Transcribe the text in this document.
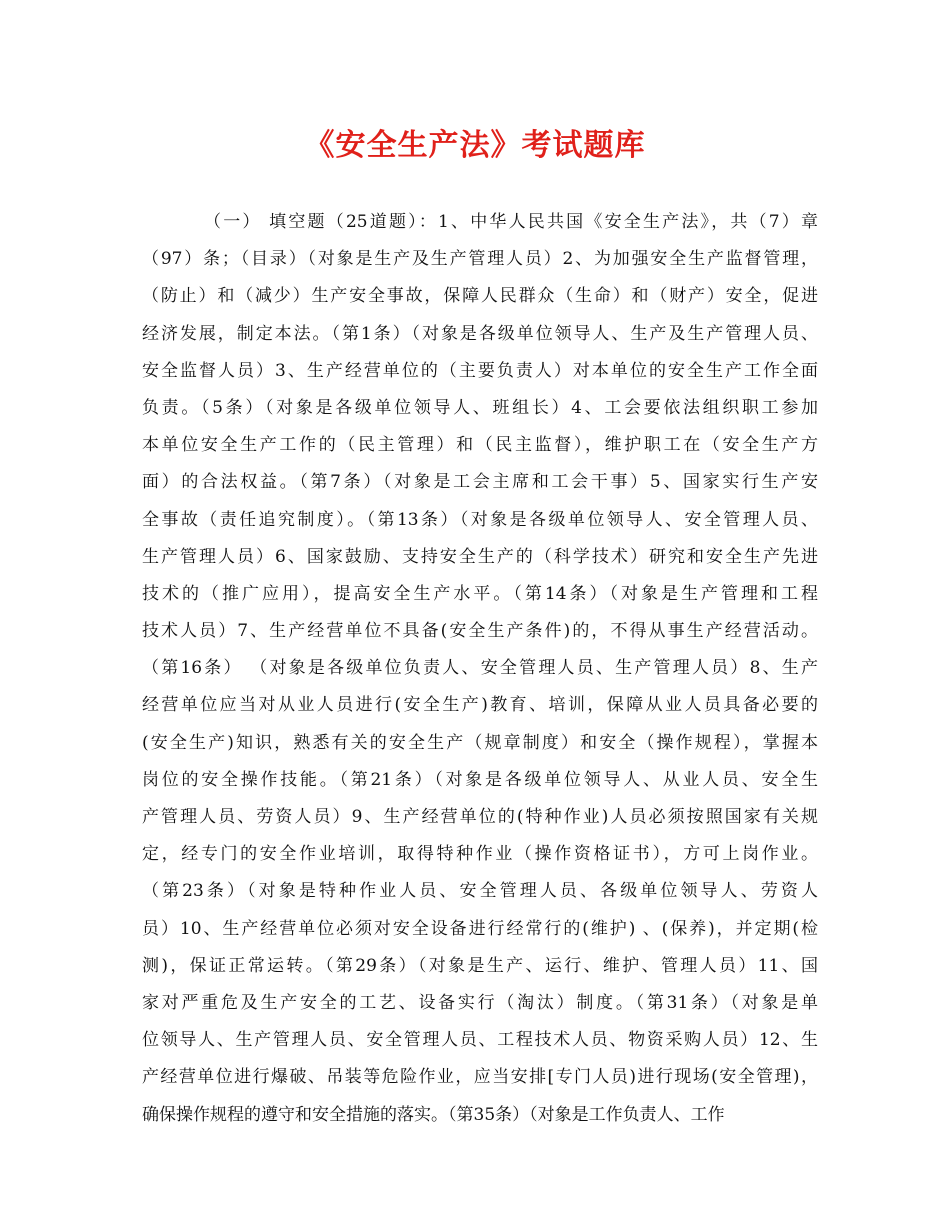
《安全生产法》考试题库
（一） 填空题（25道题）：1、中华人民共国《安全生产法》，共（7）章
（97）条；（目录）（对象是生产及生产管理人员）2、为加强安全生产监督管理，
（防止）和（减少）生产安全事故，保障人民群众（生命）和（财产）安全，促进
经济发展，制定本法。（第1条）（对象是各级单位领导人、生产及生产管理人员、
安全监督人员）3、生产经营单位的（主要负责人）对本单位的安全生产工作全面
负责。（5条）（对象是各级单位领导人、班组长）4、工会要依法组织职工参加
本单位安全生产工作的（民主管理）和（民主监督），维护职工在（安全生产方
面）的合法权益。（第7条）（对象是工会主席和工会干事）5、国家实行生产安
全事故（责任追究制度）。（第13条）（对象是各级单位领导人、安全管理人员、
生产管理人员）6、国家鼓励、支持安全生产的（科学技术）研究和安全生产先进
技术的（推广应用），提高安全生产水平。（第14条）（对象是生产管理和工程
技术人员）7、生产经营单位不具备(安全生产条件)的，不得从事生产经营活动。
（第16条） （对象是各级单位负责人、安全管理人员、生产管理人员）8、生产
经营单位应当对从业人员进行(安全生产)教育、培训，保障从业人员具备必要的
(安全生产)知识，熟悉有关的安全生产（规章制度）和安全（操作规程），掌握本
岗位的安全操作技能。（第21条）（对象是各级单位领导人、从业人员、安全生
产管理人员、劳资人员）9、生产经营单位的(特种作业)人员必须按照国家有关规
定，经专门的安全作业培训，取得特种作业（操作资格证书），方可上岗作业。
（第23条）（对象是特种作业人员、安全管理人员、各级单位领导人、劳资人
员）10、生产经营单位必须对安全设备进行经常行的(维护) 、(保养)，并定期(检
测)，保证正常运转。（第29条）（对象是生产、运行、维护、管理人员）11、国
家对严重危及生产安全的工艺、设备实行（淘汰）制度。（第31条）（对象是单
位领导人、生产管理人员、安全管理人员、工程技术人员、物资采购人员）12、生
产经营单位进行爆破、吊装等危险作业，应当安排[专门人员)进行现场(安全管理)，
确保操作规程的遵守和安全措施的落实。（第35条）（对象是工作负责人、工作
